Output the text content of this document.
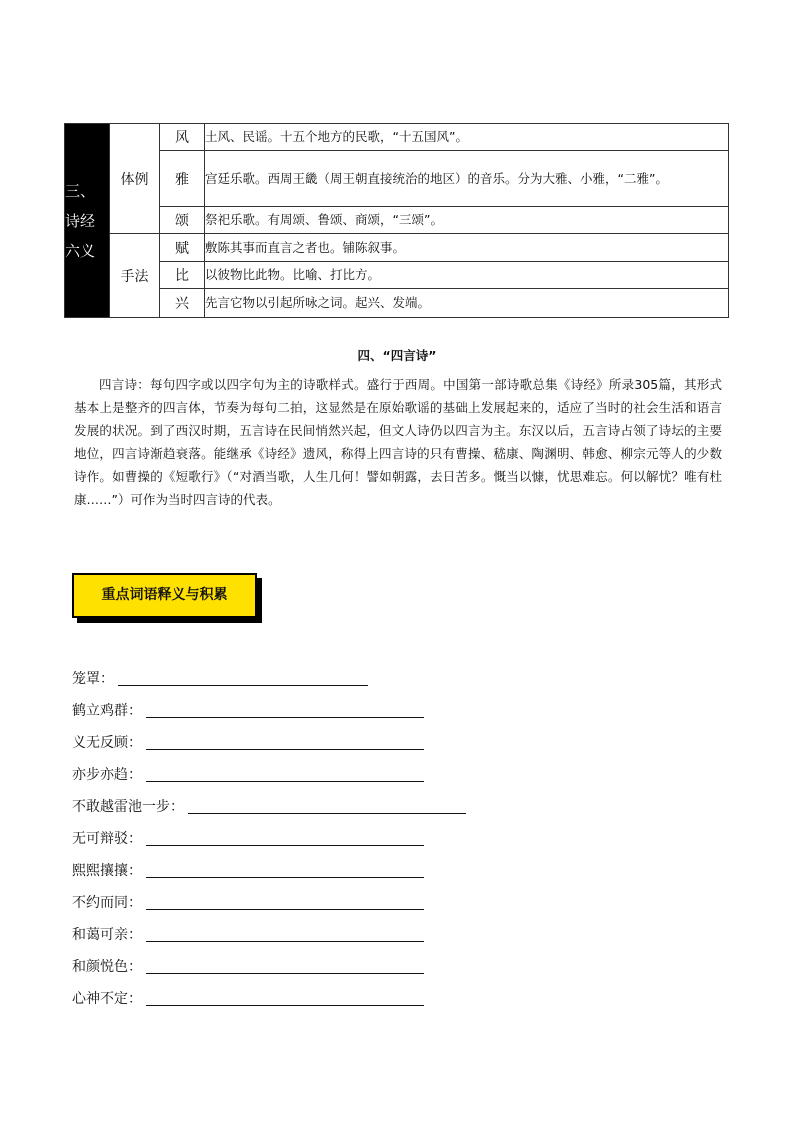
三、
诗经
六义	体例	风	土风、民谣。十五个地方的民歌，“十五国风”。
		雅	宫廷乐歌。西周王畿（周王朝直接统治的地区）的音乐。分为大雅、小雅，“二雅”。
		颂	祭祀乐歌。有周颂、鲁颂、商颂，“三颂”。
	手法	赋	敷陈其事而直言之者也。铺陈叙事。
		比	以彼物比此物。比喻、打比方。
		兴	先言它物以引起所咏之词。起兴、发端。
四、“四言诗”

四言诗：每句四字或以四字句为主的诗歌样式。盛行于西周。中国第一部诗歌总集《诗经》所录305篇，其形式基本上是整齐的四言体，节奏为每句二拍，这显然是在原始歌谣的基础上发展起来的，适应了当时的社会生活和语言发展的状况。到了西汉时期，五言诗在民间悄然兴起，但文人诗仍以四言为主。东汉以后，五言诗占领了诗坛的主要地位，四言诗渐趋衰落。能继承《诗经》遗风，称得上四言诗的只有曹操、嵇康、陶渊明、韩愈、柳宗元等人的少数诗作。如曹操的《短歌行》（“对酒当歌，人生几何！譬如朝露，去日苦多。慨当以慷，忧思难忘。何以解忧？唯有杜康……”）可作为当时四言诗的代表。

重点词语释义与积累
笼罩：
鹤立鸡群：
义无反顾：
亦步亦趋：
不敢越雷池一步：
无可辩驳：
熙熙攘攘：
不约而同：
和蔼可亲：
和颜悦色：
心神不定：
